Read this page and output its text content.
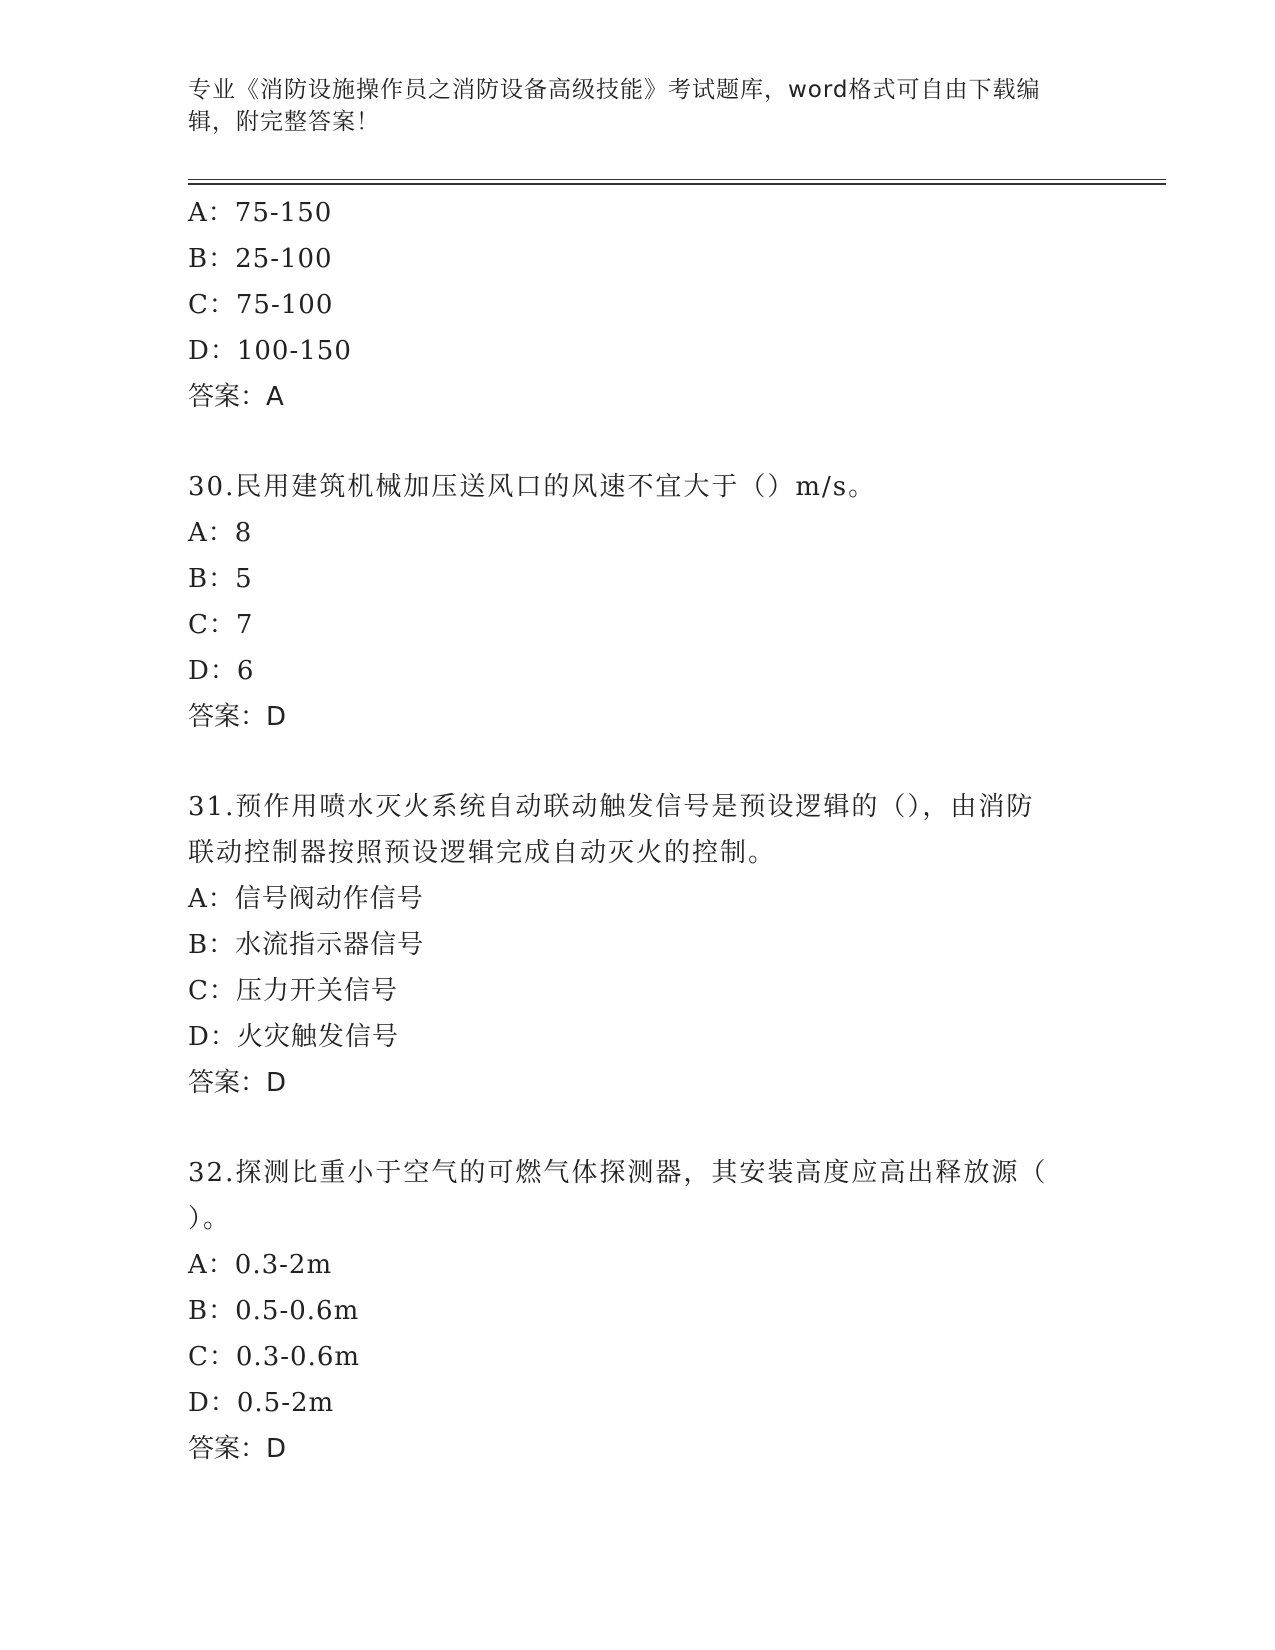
专业《消防设施操作员之消防设备高级技能》考试题库，word格式可自由下载编
辑，附完整答案！
A：75-150
B：25-100
C：75-100
D：100-150
答案：A
30.民用建筑机械加压送风口的风速不宜大于（）m/s。
A：8
B：5
C：7
D：6
答案：D
31.预作用喷水灭火系统自动联动触发信号是预设逻辑的（），由消防
联动控制器按照预设逻辑完成自动灭火的控制。
A：信号阀动作信号
B：水流指示器信号
C：压力开关信号
D：火灾触发信号
答案：D
32.探测比重小于空气的可燃气体探测器，其安装高度应高出释放源（
）。
A：0.3-2m
B：0.5-0.6m
C：0.3-0.6m
D：0.5-2m
答案：D
